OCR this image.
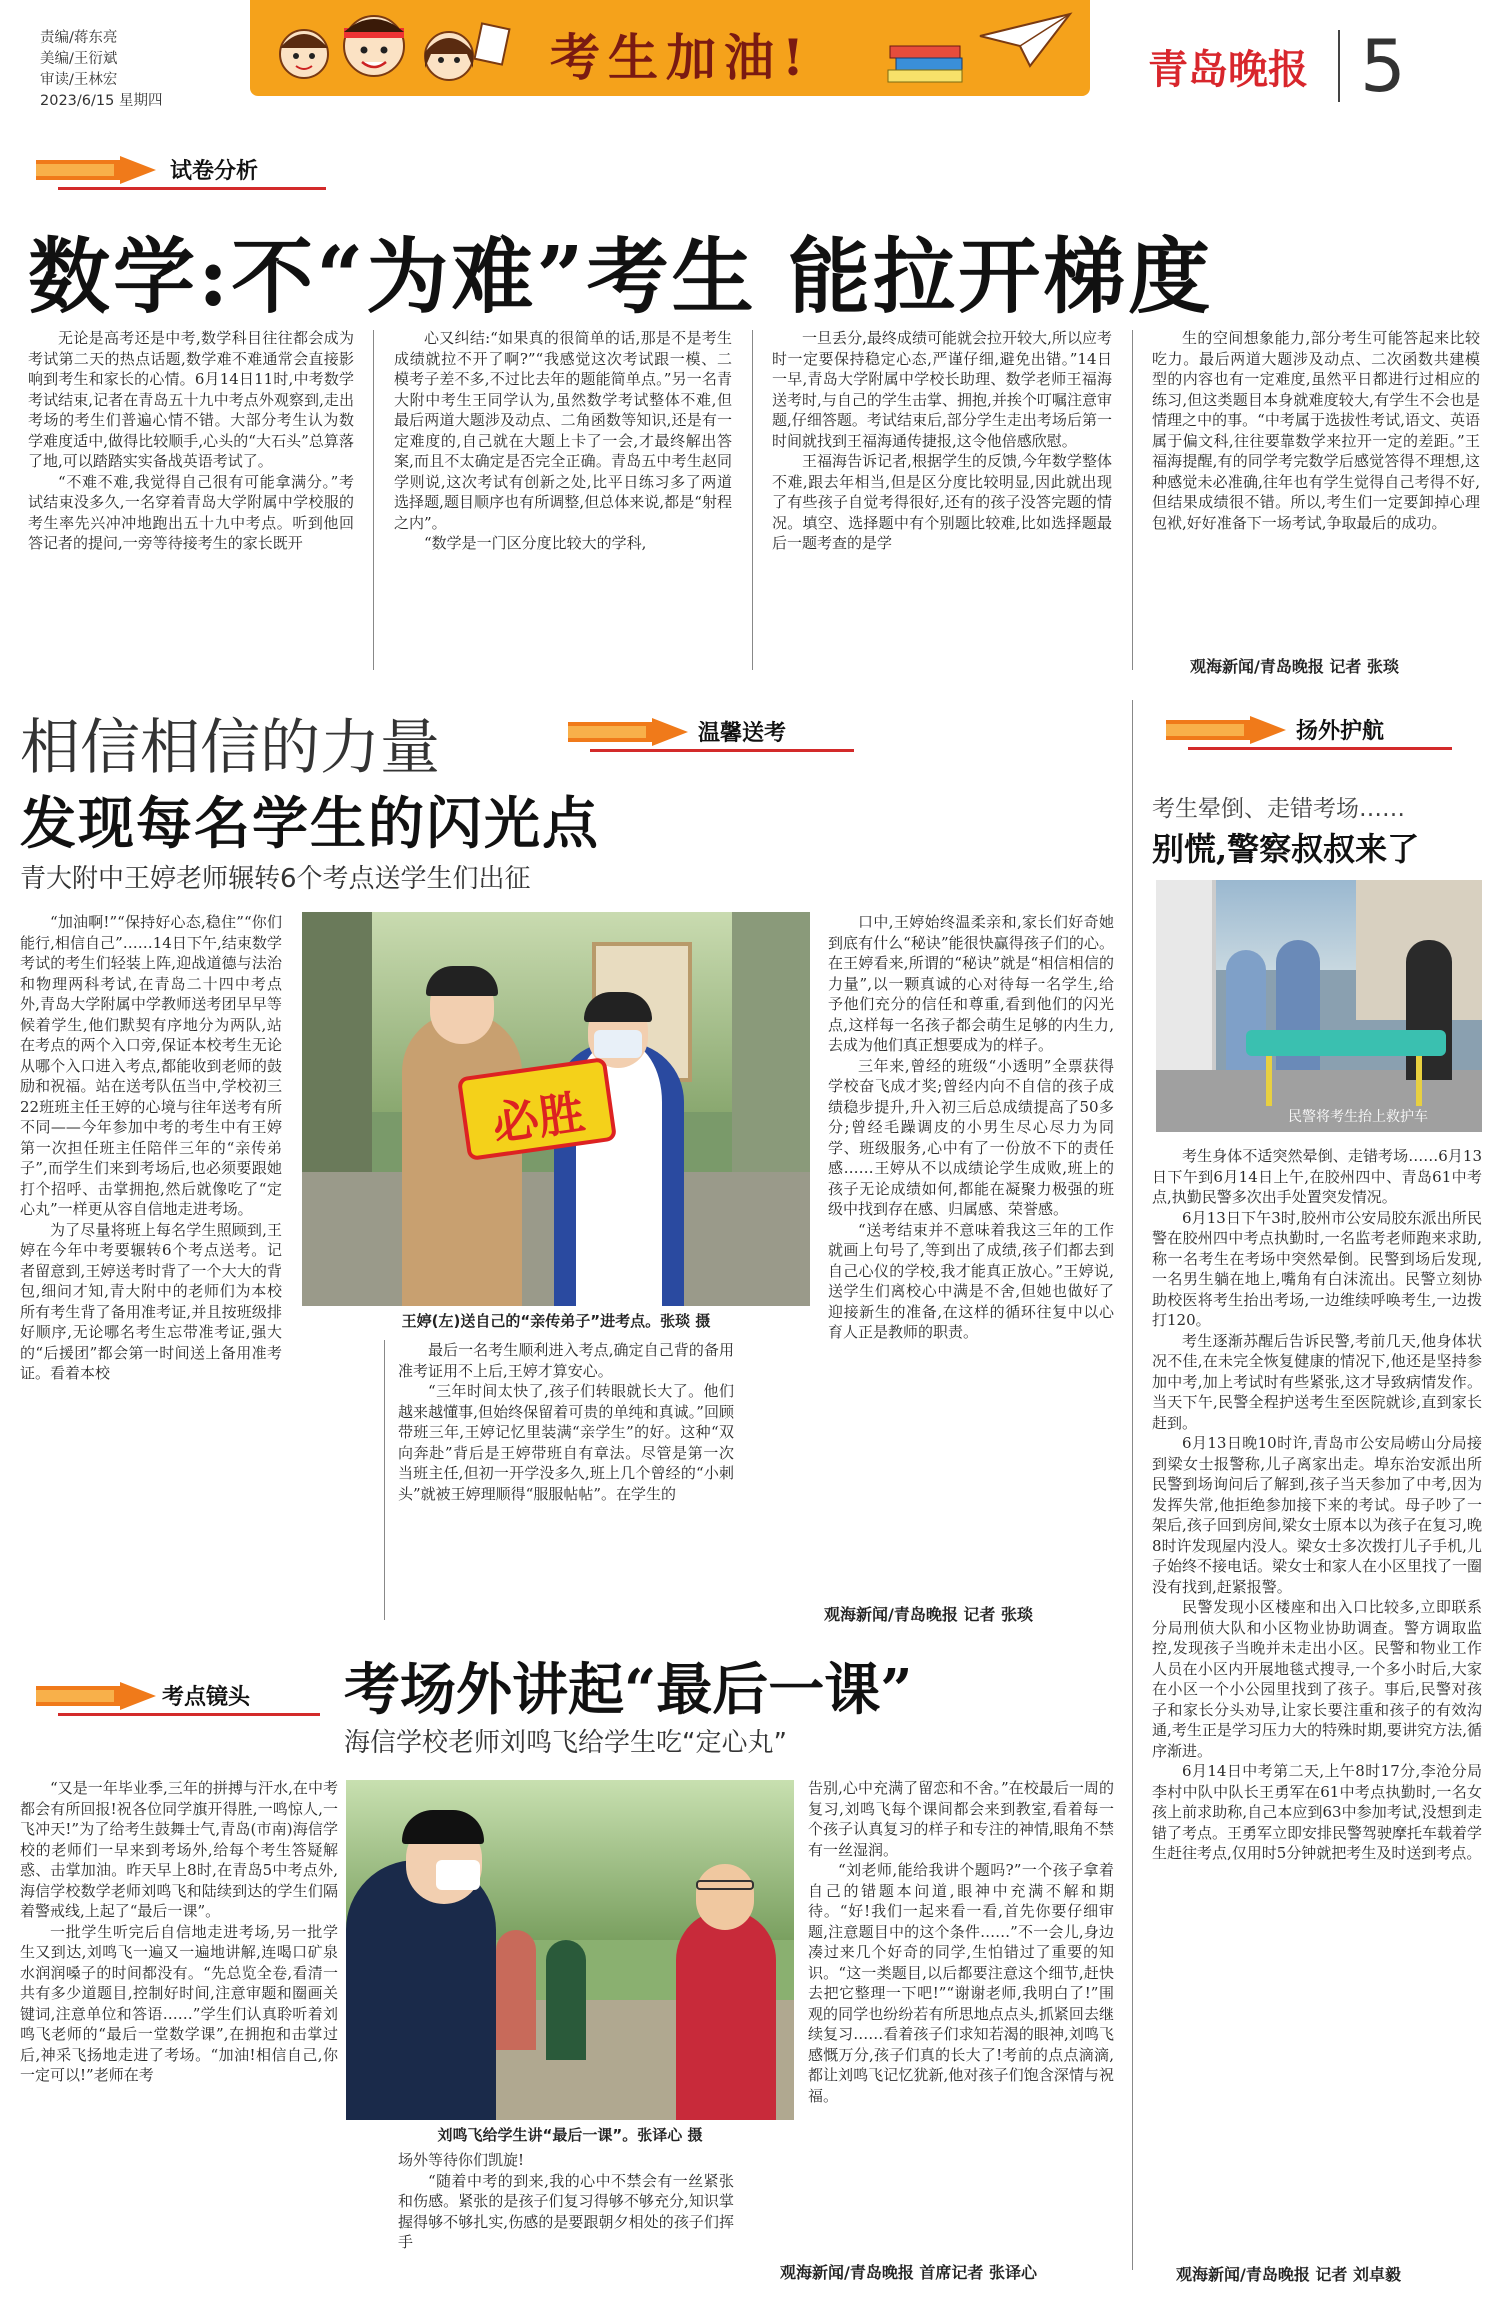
责编/蒋东亮
美编/王衍斌
审读/王林宏
2023/6/15 星期四
考生加油!	青岛晚报 5
试卷分析
数学:不“为难”考生 能拉开梯度

无论是高考还是中考,数学科目往往都会成为考试第二天的热点话题,数学难不难通常会直接影响到考生和家长的心情。6月14日11时,中考数学考试结束,记者在青岛五十九中考点外观察到,走出考场的考生们普遍心情不错。大部分考生认为数学难度适中,做得比较顺手,心头的“大石头”总算落了地,可以踏踏实实备战英语考试了。

“不难不难,我觉得自己很有可能拿满分。”考试结束没多久,一名穿着青岛大学附属中学校服的考生率先兴冲冲地跑出五十九中考点。听到他回答记者的提问,一旁等待接考生的家长既开

心又纠结:“如果真的很简单的话,那是不是考生成绩就拉不开了啊?”“我感觉这次考试跟一模、二模考子差不多,不过比去年的题能简单点。”另一名青大附中考生王同学认为,虽然数学考试整体不难,但最后两道大题涉及动点、二角函数等知识,还是有一定难度的,自己就在大题上卡了一会,才最终解出答案,而且不太确定是否完全正确。青岛五中考生赵同学则说,这次考试有创新之处,比平日练习多了两道选择题,题目顺序也有所调整,但总体来说,都是“射程之内”。

“数学是一门区分度比较大的学科,

一旦丢分,最终成绩可能就会拉开较大,所以应考时一定要保持稳定心态,严谨仔细,避免出错。”14日一早,青岛大学附属中学校长助理、数学老师王福海送考时,与自己的学生击掌、拥抱,并挨个叮嘱注意审题,仔细答题。考试结束后,部分学生走出考场后第一时间就找到王福海通传捷报,这令他倍感欣慰。

王福海告诉记者,根据学生的反馈,今年数学整体不难,跟去年相当,但是区分度比较明显,因此就出现了有些孩子自觉考得很好,还有的孩子没答完题的情况。填空、选择题中有个别题比较难,比如选择题最后一题考查的是学

生的空间想象能力,部分考生可能答起来比较吃力。最后两道大题涉及动点、二次函数共建模型的内容也有一定难度,虽然平日都进行过相应的练习,但这类题目本身就难度较大,有学生不会也是情理之中的事。“中考属于选拔性考试,语文、英语属于偏文科,往往要靠数学来拉开一定的差距。”王福海提醒,有的同学考完数学后感觉答得不理想,这种感觉未必准确,往年也有学生觉得自己考得不好,但结果成绩很不错。所以,考生们一定要卸掉心理包袱,好好准备下一场考试,争取最后的成功。

观海新闻/青岛晚报 记者 张琰
相信相信的力量	温馨送考
发现每名学生的闪光点
青大附中王婷老师辗转6个考点送学生们出征

“加油啊!”“保持好心态,稳住”“你们能行,相信自己”……14日下午,结束数学考试的考生们轻装上阵,迎战道德与法治和物理两科考试,在青岛二十四中考点外,青岛大学附属中学教师送考团早早等候着学生,他们默契有序地分为两队,站在考点的两个入口旁,保证本校考生无论从哪个入口进入考点,都能收到老师的鼓励和祝福。站在送考队伍当中,学校初三22班班主任王婷的心境与往年送考有所不同——今年参加中考的考生中有王婷第一次担任班主任陪伴三年的“亲传弟子”,而学生们来到考场后,也必须要跟她打个招呼、击掌拥抱,然后就像吃了“定心丸”一样更从容自信地走进考场。

为了尽量将班上每名学生照顾到,王婷在今年中考要辗转6个考点送考。记者留意到,王婷送考时背了一个大大的背包,细问才知,青大附中的老师们为本校所有考生背了备用准考证,并且按班级排好顺序,无论哪名考生忘带准考证,强大的“后援团”都会第一时间送上备用准考证。看着本校

必胜
王婷(左)送自己的“亲传弟子”进考点。张琰 摄

最后一名考生顺利进入考点,确定自己背的备用准考证用不上后,王婷才算安心。

“三年时间太快了,孩子们转眼就长大了。他们越来越懂事,但始终保留着可贵的单纯和真诚。”回顾带班三年,王婷记忆里装满“亲学生”的好。这种“双向奔赴”背后是王婷带班自有章法。尽管是第一次当班主任,但初一开学没多久,班上几个曾经的“小刺头”就被王婷理顺得“服服帖帖”。在学生的

口中,王婷始终温柔亲和,家长们好奇她到底有什么“秘诀”能很快赢得孩子们的心。在王婷看来,所谓的“秘诀”就是“相信相信的力量”,以一颗真诚的心对待每一名学生,给予他们充分的信任和尊重,看到他们的闪光点,这样每一名孩子都会萌生足够的内生力,去成为他们真正想要成为的样子。

三年来,曾经的班级“小透明”全票获得学校奋飞成才奖;曾经内向不自信的孩子成绩稳步提升,升入初三后总成绩提高了50多分;曾经毛躁调皮的小男生尽心尽力为同学、班级服务,心中有了一份放不下的责任感……王婷从不以成绩论学生成败,班上的孩子无论成绩如何,都能在凝聚力极强的班级中找到存在感、归属感、荣誉感。

“送考结束并不意味着我这三年的工作就画上句号了,等到出了成绩,孩子们都去到自己心仪的学校,我才能真正放心。”王婷说,送学生们离校心中满是不舍,但她也做好了迎接新生的准备,在这样的循环往复中以心育人正是教师的职责。

观海新闻/青岛晚报 记者 张琰
扬外护航
考生晕倒、走错考场……
别慌,警察叔叔来了
民警将考生抬上救护车

考生身体不适突然晕倒、走错考场……6月13日下午到6月14日上午,在胶州四中、青岛61中考点,执勤民警多次出手处置突发情况。

6月13日下午3时,胶州市公安局胶东派出所民警在胶州四中考点执勤时,一名监考老师跑来求助,称一名考生在考场中突然晕倒。民警到场后发现,一名男生躺在地上,嘴角有白沫流出。民警立刻协助校医将考生抬出考场,一边维续呼唤考生,一边拨打120。

考生逐渐苏醒后告诉民警,考前几天,他身体状况不佳,在未完全恢复健康的情况下,他还是坚持参加中考,加上考试时有些紧张,这才导致病情发作。当天下午,民警全程护送考生至医院就诊,直到家长赶到。

6月13日晚10时许,青岛市公安局崂山分局接到梁女士报警称,儿子离家出走。埠东治安派出所民警到场询问后了解到,孩子当天参加了中考,因为发挥失常,他拒绝参加接下来的考试。母子吵了一架后,孩子回到房间,梁女士原本以为孩子在复习,晚8时许发现屋内没人。梁女士多次拨打儿子手机,儿子始终不接电话。梁女士和家人在小区里找了一圈没有找到,赶紧报警。

民警发现小区楼座和出入口比较多,立即联系分局刑侦大队和小区物业协助调查。警方调取监控,发现孩子当晚并未走出小区。民警和物业工作人员在小区内开展地毯式搜寻,一个多小时后,大家在小区一个小公园里找到了孩子。事后,民警对孩子和家长分头劝导,让家长要注重和孩子的有效沟通,考生正是学习压力大的特殊时期,要讲究方法,循序渐进。

6月14日中考第二天,上午8时17分,李沧分局李村中队中队长王勇军在61中考点执勤时,一名女孩上前求助称,自己本应到63中参加考试,没想到走错了考点。王勇军立即安排民警驾驶摩托车载着学生赶往考点,仅用时5分钟就把考生及时送到考点。

观海新闻/青岛晚报 记者 刘卓毅
考点镜头 考场外讲起“最后一课”
海信学校老师刘鸣飞给学生吃“定心丸”

“又是一年毕业季,三年的拼搏与汗水,在中考都会有所回报!祝各位同学旗开得胜,一鸣惊人,一飞冲天!”为了给考生鼓舞士气,青岛(市南)海信学校的老师们一早来到考场外,给每个考生答疑解惑、击掌加油。昨天早上8时,在青岛5中考点外,海信学校数学老师刘鸣飞和陆续到达的学生们隔着警戒线,上起了“最后一课”。

一批学生听完后自信地走进考场,另一批学生又到达,刘鸣飞一遍又一遍地讲解,连喝口矿泉水润润嗓子的时间都没有。“先总览全卷,看清一共有多少道题目,控制好时间,注意审题和圈画关键词,注意单位和答语……”学生们认真聆听着刘鸣飞老师的“最后一堂数学课”,在拥抱和击掌过后,神采飞扬地走进了考场。“加油!相信自己,你一定可以!”老师在考

刘鸣飞给学生讲“最后一课”。张译心 摄

场外等待你们凯旋!

“随着中考的到来,我的心中不禁会有一丝紧张和伤感。紧张的是孩子们复习得够不够充分,知识掌握得够不够扎实,伤感的是要跟朝夕相处的孩子们挥手

告别,心中充满了留恋和不舍。”在校最后一周的复习,刘鸣飞每个课间都会来到教室,看着每一个孩子认真复习的样子和专注的神情,眼角不禁有一丝湿润。

“刘老师,能给我讲个题吗?”一个孩子拿着自己的错题本问道,眼神中充满不解和期待。“好!我们一起来看一看,首先你要仔细审题,注意题目中的这个条件……”不一会儿,身边凑过来几个好奇的同学,生怕错过了重要的知识。“这一类题目,以后都要注意这个细节,赶快去把它整理一下吧!”“谢谢老师,我明白了!”围观的同学也纷纷若有所思地点点头,抓紧回去继续复习……看着孩子们求知若渴的眼神,刘鸣飞感慨万分,孩子们真的长大了!考前的点点滴滴,都让刘鸣飞记忆犹新,他对孩子们饱含深情与祝福。

观海新闻/青岛晚报 首席记者 张译心
